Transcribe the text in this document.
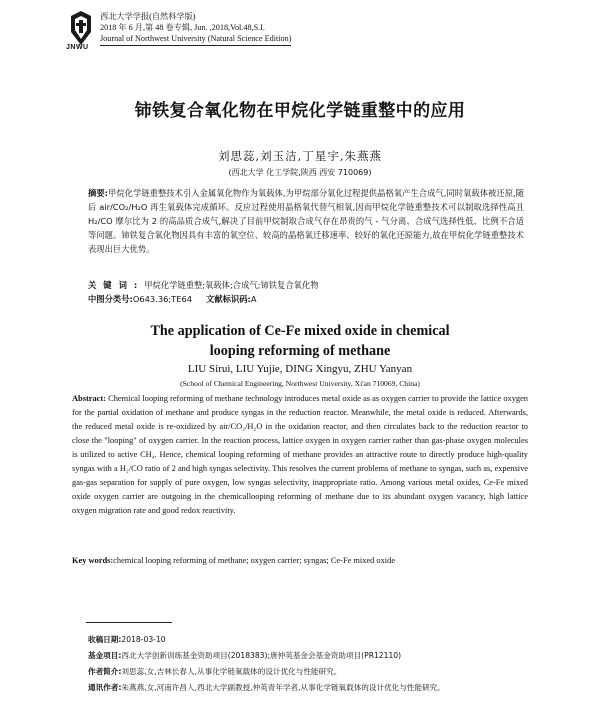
JNWU
西北大学学报(自然科学版)
2018 年 6 月,第 48 卷专辑, Jun. ,2018,Vol.48,S.I.
Journal of Northwest University (Natural Science Edition)
铈铁复合氧化物在甲烷化学链重整中的应用
刘思蕊,刘玉洁,丁星宇,朱燕燕
(西北大学 化工学院,陕西 西安 710069)
摘要:甲烷化学链重整技术引入金属氧化物作为氧载体,为甲烷部分氧化过程提供晶格氧产生合成气,同时氧载体被还原,随后 air/CO₂/H₂O 再生氧载体完成循环。反应过程使用晶格氧代替气相氧,因而甲烷化学链重整技术可以制取选择性高且 H₂/CO 摩尔比为 2 的高品质合成气,解决了目前甲烷制取合成气存在昂贵的气 - 气分离、合成气选择性低、比例不合适等问题。铈铁复合氧化物因具有丰富的氧空位、较高的晶格氧迁移速率、较好的氧化还原能力,故在甲烷化学链重整技术表现出巨大优势。
关键词:甲烷化学链重整;氧载体;合成气;铈铁复合氧化物
中图分类号:O643.36;TE64 文献标识码:A
The application of Ce-Fe mixed oxide in chemical
looping reforming of methane
LIU Sirui, LIU Yujie, DING Xingyu, ZHU Yanyan
(School of Chemical Engineering, Northwest University, Xi'an 710069, China)
Abstract: Chemical looping reforming of methane technology introduces metal oxide as as oxygen carrier to provide the lattice oxygen for the partial oxidation of methane and produce syngas in the reduction reactor. Meanwhile, the metal oxide is reduced. Afterwards, the reduced metal oxide is re-oxidized by air/CO₂/H₂O in the oxidation reactor, and then circulates back to the reduction reactor to close the "looping" of oxygen carrier. In the reaction process, lattice oxygen in oxygen carrier rather than gas-phase oxygen molecules is utilized to active CH₄. Hence, chemical looping reforming of methane provides an attractive route to directly produce high-quality syngas with a H₂/CO ratio of 2 and high syngas selectivity. This resolves the current problems of methane to syngas, such as, expensive gas-gas separation for supply of pure oxygen, low syngas selectivity, inappropriate ratio. Among various metal oxides, Ce-Fe mixed oxide oxygen carrier are outgoing in the chemicallooping reforming of methane due to its abundant oxygen vacancy, high lattice oxygen migration rate and good redox reactivity.
Key words:chemical looping reforming of methane; oxygen carrier; syngas; Ce-Fe mixed oxide
收稿日期:2018-03-10
基金项目:西北大学创新训练基金资助项目(2018383);唐仲英基金会基金资助项目(PR12110)
作者简介:刘思蕊,女,吉林长春人,从事化学链氧载体的设计优化与性能研究。
通讯作者:朱燕燕,女,河南许昌人,西北大学副教授,仲英青年学者,从事化学链氧载体的设计优化与性能研究。
